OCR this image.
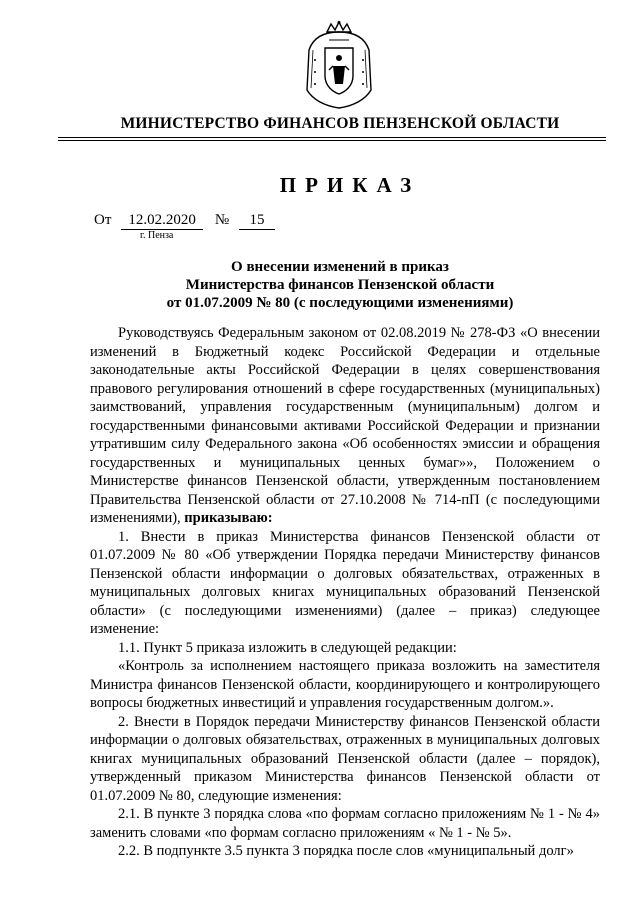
МИНИСТЕРСТВО ФИНАНСОВ ПЕНЗЕНСКОЙ ОБЛАСТИ
ПРИКАЗ
От 12.02.2020 № 15
г. Пенза
О внесении изменений в приказ
Министерства финансов Пензенской области
от 01.07.2009 № 80 (с последующими изменениями)

Руководствуясь Федеральным законом от 02.08.2019 № 278-ФЗ «О внесении изменений в Бюджетный кодекс Российской Федерации и отдельные законодательные акты Российской Федерации в целях совершенствования правового регулирования отношений в сфере государственных (муниципальных) заимствований, управления государственным (муниципальным) долгом и государственными финансовыми активами Российской Федерации и признании утратившим силу Федерального закона «Об особенностях эмиссии и обращения государственных и муниципальных ценных бумаг»», Положением о Министерстве финансов Пензенской области, утвержденным постановлением Правительства Пензенской области от 27.10.2008 № 714-пП (с последующими изменениями), приказываю:

1. Внести в приказ Министерства финансов Пензенской области от 01.07.2009 № 80 «Об утверждении Порядка передачи Министерству финансов Пензенской области информации о долговых обязательствах, отраженных в муниципальных долговых книгах муниципальных образований Пензенской области» (с последующими изменениями) (далее – приказ) следующее изменение:

1.1. Пункт 5 приказа изложить в следующей редакции:

«Контроль за исполнением настоящего приказа возложить на заместителя Министра финансов Пензенской области, координирующего и контролирующего вопросы бюджетных инвестиций и управления государственным долгом.».

2. Внести в Порядок передачи Министерству финансов Пензенской области информации о долговых обязательствах, отраженных в муниципальных долговых книгах муниципальных образований Пензенской области (далее – порядок), утвержденный приказом Министерства финансов Пензенской области от 01.07.2009 № 80, следующие изменения:

2.1. В пункте 3 порядка слова «по формам согласно приложениям № 1 - № 4» заменить словами «по формам согласно приложениям « № 1 - № 5».

2.2. В подпункте 3.5 пункта 3 порядка после слов «муниципальный долг»
